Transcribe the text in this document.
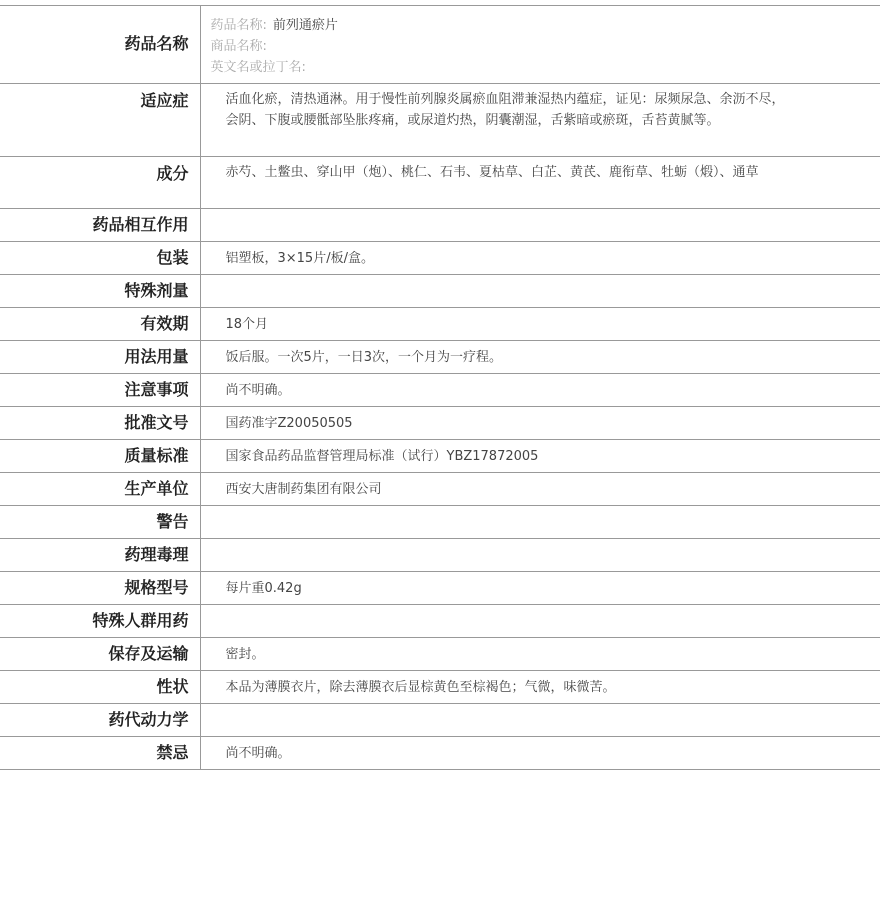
药品名称	药品名称: 前列通瘀片
商品名称:
英文名或拉丁名:

适应症	活血化瘀，清热通淋。用于慢性前列腺炎属瘀血阻滞兼湿热内蕴症，证见：尿频尿急、余沥不尽，会阴、下腹或腰骶部坠胀疼痛，或尿道灼热，阴囊潮湿，舌紫暗或瘀斑，舌苔黄腻等。
成分	赤芍、土鳖虫、穿山甲（炮）、桃仁、石韦、夏枯草、白芷、黄芪、鹿衔草、牡蛎（煅）、通草
药品相互作用	
包装	铝塑板，3×15片/板/盒。
特殊剂量	
有效期	18个月
用法用量	饭后服。一次5片，一日3次，一个月为一疗程。
注意事项	尚不明确。
批准文号	国药准字Z20050505
质量标准	国家食品药品监督管理局标准（试行）YBZ17872005
生产单位	西安大唐制药集团有限公司
警告	
药理毒理	
规格型号	每片重0.42g
特殊人群用药	
保存及运输	密封。
性状	本品为薄膜衣片，除去薄膜衣后显棕黄色至棕褐色；气微，味微苦。
药代动力学	
禁忌	尚不明确。
